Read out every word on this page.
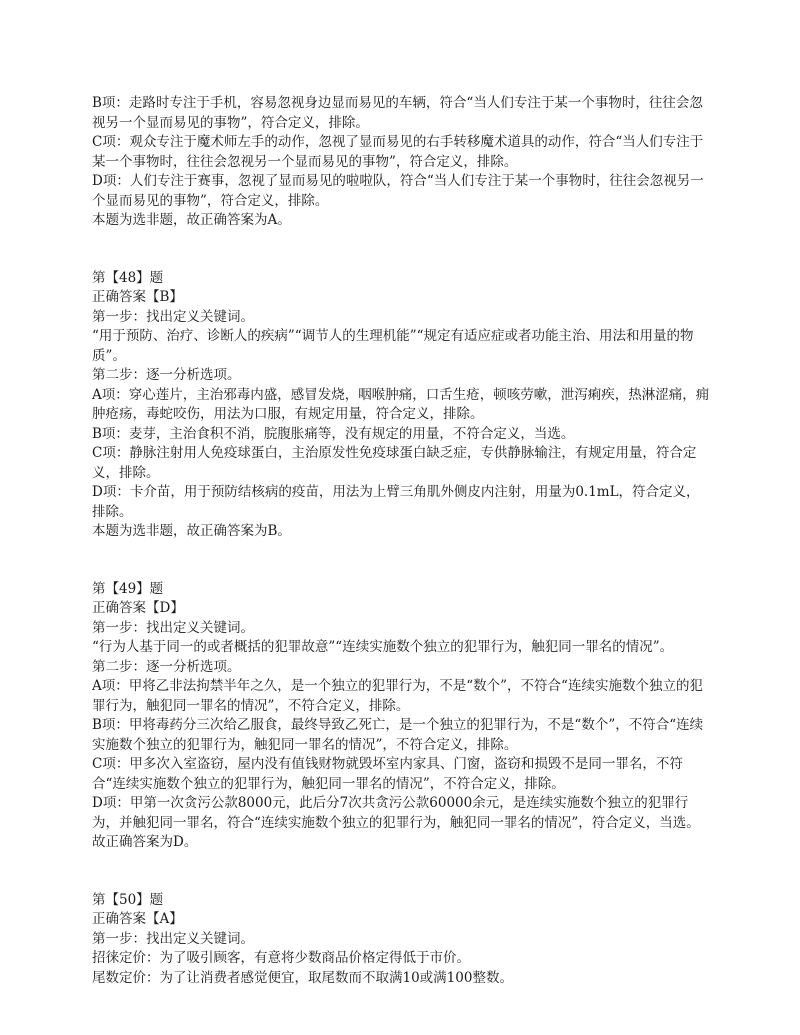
B项：走路时专注于手机，容易忽视身边显而易见的车辆，符合“当人们专注于某一个事物时，往往会忽视另一个显而易见的事物”，符合定义，排除。

C项：观众专注于魔术师左手的动作，忽视了显而易见的右手转移魔术道具的动作，符合“当人们专注于某一个事物时，往往会忽视另一个显而易见的事物”，符合定义，排除。

D项：人们专注于赛事，忽视了显而易见的啦啦队，符合“当人们专注于某一个事物时，往往会忽视另一个显而易见的事物”，符合定义，排除。

本题为选非题，故正确答案为A。

第【48】题

正确答案【B】

第一步：找出定义关键词。

“用于预防、治疗、诊断人的疾病”“调节人的生理机能”“规定有适应症或者功能主治、用法和用量的物质”。

第二步：逐一分析选项。

A项：穿心莲片，主治邪毒内盛，感冒发烧，咽喉肿痛，口舌生疮，顿咳劳嗽，泄泻痢疾，热淋涩痛，痈肿疮疡，毒蛇咬伤，用法为口服，有规定用量，符合定义，排除。

B项：麦芽，主治食积不消，脘腹胀痛等，没有规定的用量，不符合定义，当选。

C项：静脉注射用人免疫球蛋白，主治原发性免疫球蛋白缺乏症，专供静脉输注，有规定用量，符合定义，排除。

D项：卡介苗，用于预防结核病的疫苗，用法为上臂三角肌外侧皮内注射，用量为0.1mL，符合定义，排除。

本题为选非题，故正确答案为B。

第【49】题

正确答案【D】

第一步：找出定义关键词。

“行为人基于同一的或者概括的犯罪故意”“连续实施数个独立的犯罪行为，触犯同一罪名的情况”。

第二步：逐一分析选项。

A项：甲将乙非法拘禁半年之久，是一个独立的犯罪行为，不是“数个”，不符合“连续实施数个独立的犯罪行为，触犯同一罪名的情况”，不符合定义，排除。

B项：甲将毒药分三次给乙服食，最终导致乙死亡，是一个独立的犯罪行为，不是“数个”，不符合“连续实施数个独立的犯罪行为，触犯同一罪名的情况”，不符合定义，排除。

C项：甲多次入室盗窃，屋内没有值钱财物就毁坏室内家具、门窗，盗窃和损毁不是同一罪名，不符合“连续实施数个独立的犯罪行为，触犯同一罪名的情况”，不符合定义，排除。

D项：甲第一次贪污公款8000元，此后分7次共贪污公款60000余元，是连续实施数个独立的犯罪行为，并触犯同一罪名，符合“连续实施数个独立的犯罪行为，触犯同一罪名的情况”，符合定义，当选。

故正确答案为D。

第【50】题

正确答案【A】

第一步：找出定义关键词。

招徕定价：为了吸引顾客，有意将少数商品价格定得低于市价。

尾数定价：为了让消费者感觉便宜，取尾数而不取满10或满100整数。
